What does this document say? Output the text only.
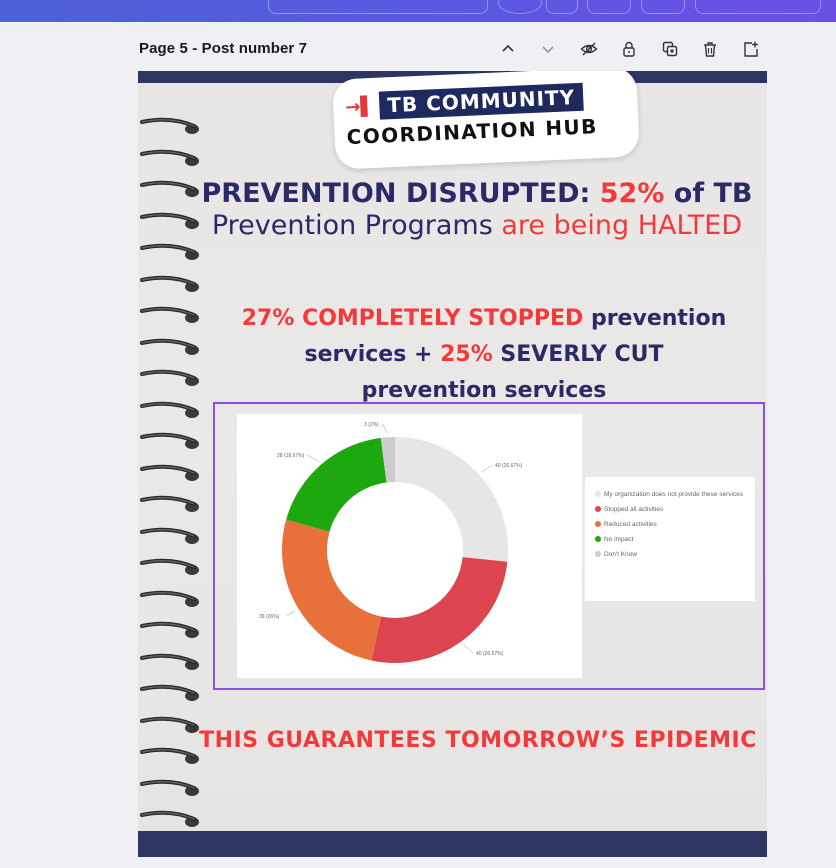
Page 5 - Post number 7
→▌ TB COMMUNITY
COORDINATION HUB
PREVENTION DISRUPTED: 52% of TB
Prevention Programs are being HALTED
27% COMPLETELY STOPPED prevention services + 25% SEVERLY CUT prevention services
40 (26.67%)
40 (26.67%)
39 (26%)
28 (18.67%)
3 (2%)
My organization does not provide these services
Stopped all activities
Reduced activities
No impact
Don't Know
THIS GUARANTEES TOMORROW’S EPIDEMIC
